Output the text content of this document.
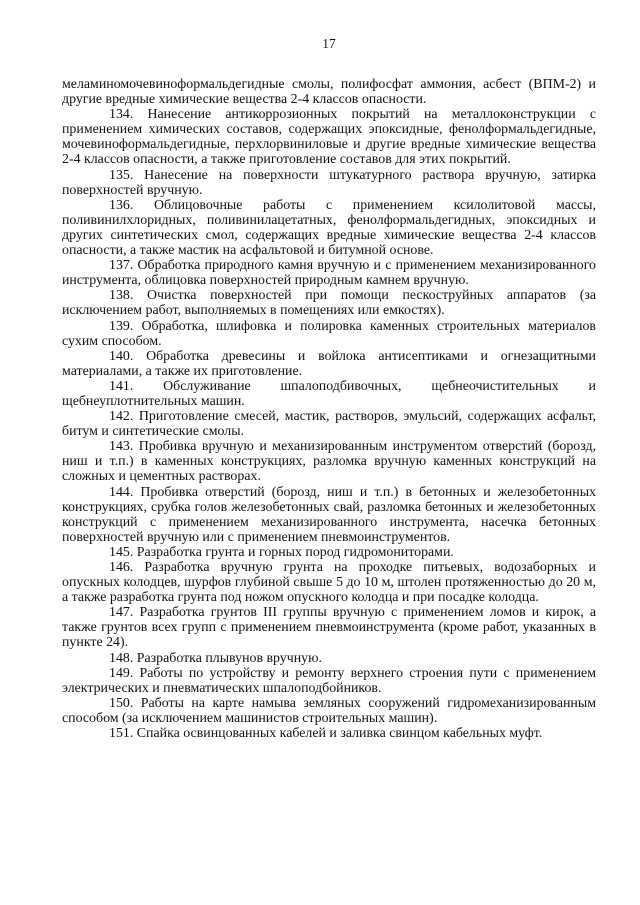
17

меламиномочевиноформальдегидные смолы, полифосфат аммония, асбест (ВПМ-2) и другие вредные химические вещества 2-4 классов опасности.

134. Нанесение антикоррозионных покрытий на металлоконструкции с применением химических составов, содержащих эпоксидные, фенолформальдегидные, мочевиноформальдегидные, перхлорвиниловые и другие вредные химические вещества 2-4 классов опасности, а также приготовление составов для этих покрытий.

135. Нанесение на поверхности штукатурного раствора вручную, затирка поверхностей вручную.

136. Облицовочные работы с применением ксилолитовой массы, поливинилхлоридных, поливинилацетатных, фенолформальдегидных, эпоксидных и других синтетических смол, содержащих вредные химические вещества 2-4 классов опасности, а также мастик на асфальтовой и битумной основе.

137. Обработка природного камня вручную и с применением механизированного инструмента, облицовка поверхностей природным камнем вручную.

138. Очистка поверхностей при помощи пескоструйных аппаратов (за исключением работ, выполняемых в помещениях или емкостях).

139. Обработка, шлифовка и полировка каменных строительных материалов сухим способом.

140. Обработка древесины и войлока антисептиками и огнезащитными материалами, а также их приготовление.

141. Обслуживание шпалоподбивочных, щебнеочистительных и щебнеуплотнительных машин.

142. Приготовление смесей, мастик, растворов, эмульсий, содержащих асфальт, битум и синтетические смолы.

143. Пробивка вручную и механизированным инструментом отверстий (борозд, ниш и т.п.) в каменных конструкциях, разломка вручную каменных конструкций на сложных и цементных растворах.

144. Пробивка отверстий (борозд, ниш и т.п.) в бетонных и железобетонных конструкциях, срубка голов железобетонных свай, разломка бетонных и железобетонных конструкций с применением механизированного инструмента, насечка бетонных поверхностей вручную или с применением пневмоинструментов.

145. Разработка грунта и горных пород гидромониторами.

146. Разработка вручную грунта на проходке питьевых, водозаборных и опускных колодцев, шурфов глубиной свыше 5 до 10 м, штолен протяженностью до 20 м, а также разработка грунта под ножом опускного колодца и при посадке колодца.

147. Разработка грунтов III группы вручную с применением ломов и кирок, а также грунтов всех групп с применением пневмоинструмента (кроме работ, указанных в пункте 24).

148. Разработка плывунов вручную.

149. Работы по устройству и ремонту верхнего строения пути с применением электрических и пневматических шпалоподбойников.

150. Работы на карте намыва земляных сооружений гидромеханизированным способом (за исключением машинистов строительных машин).

151. Спайка освинцованных кабелей и заливка свинцом кабельных муфт.
